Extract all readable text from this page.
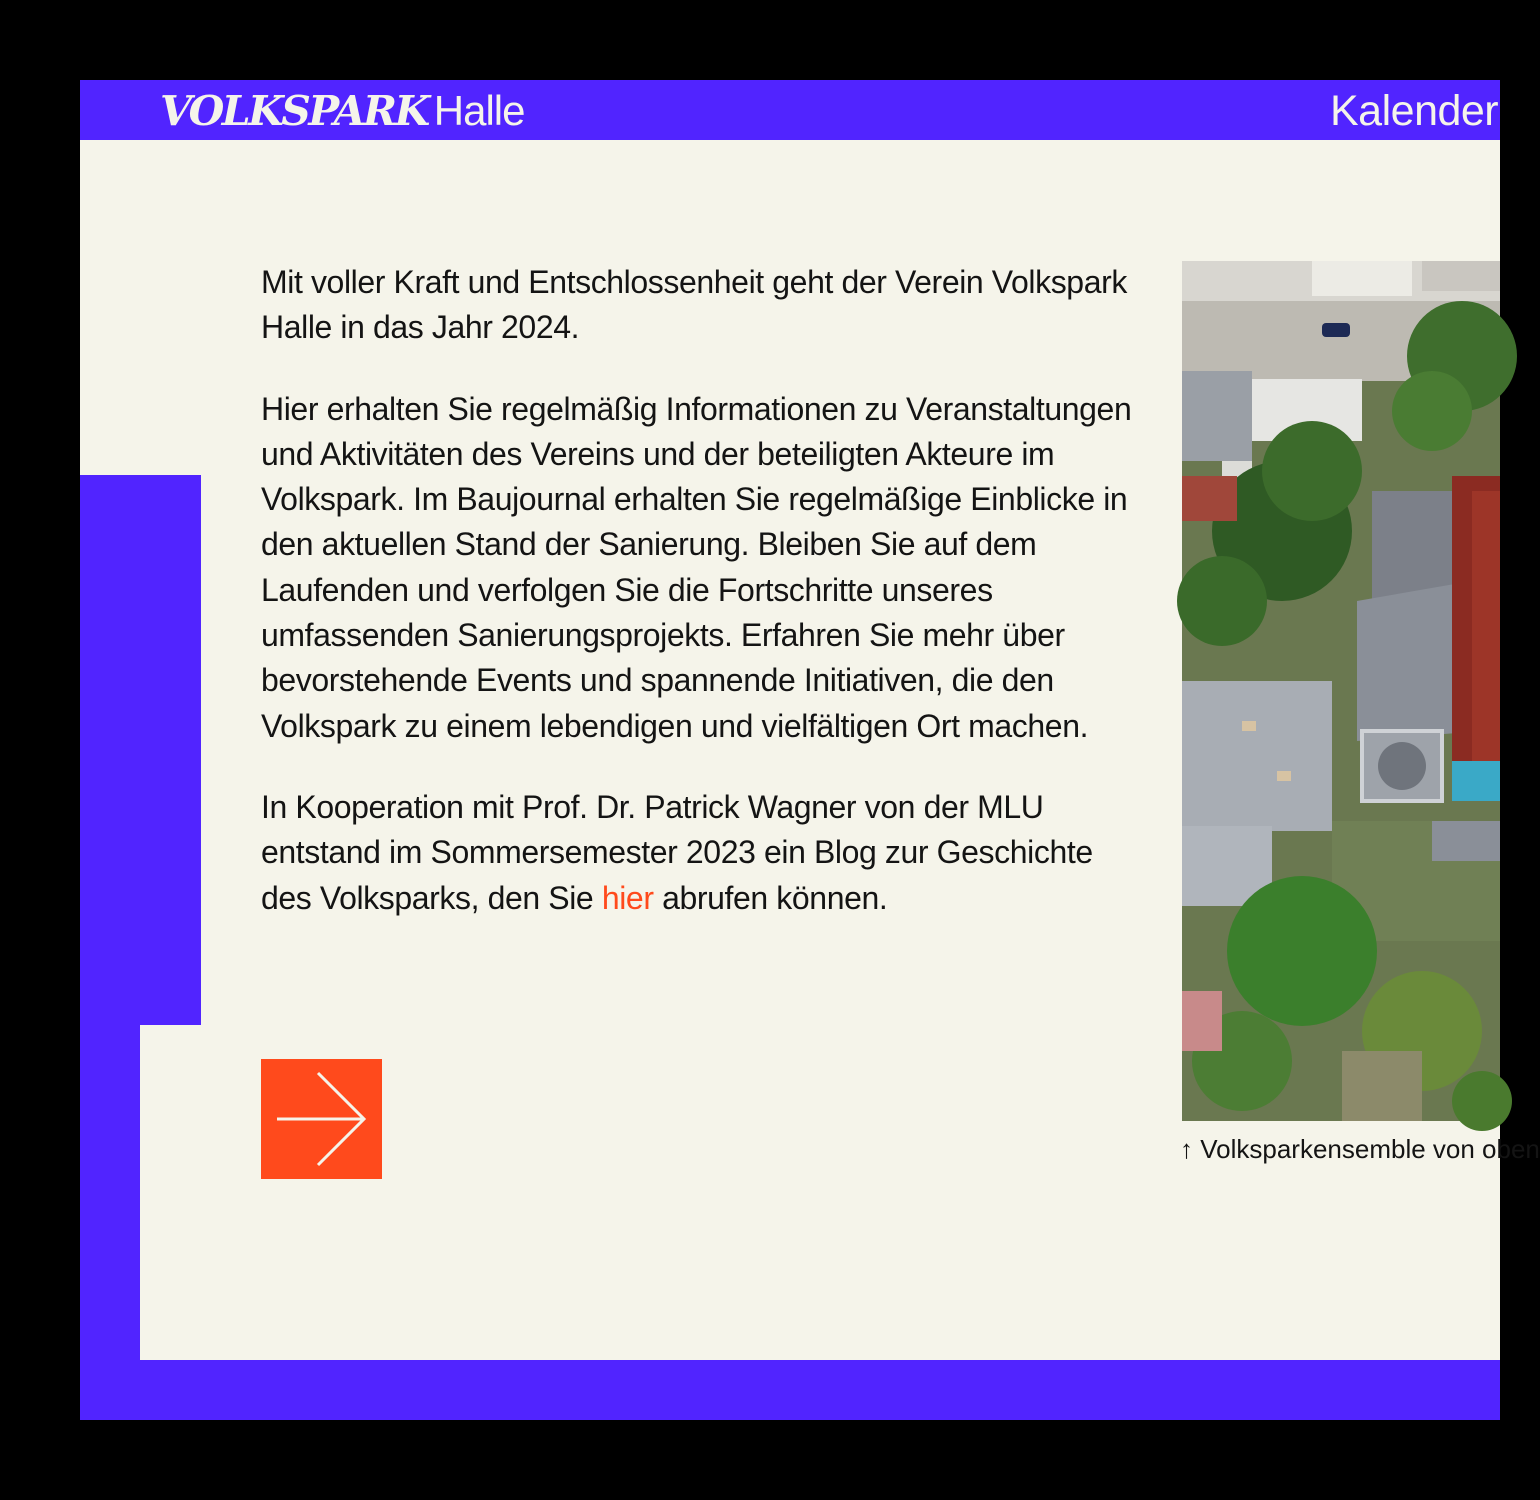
VOLKSPARK Halle	Kalender

Mit voller Kraft und Entschlossenheit geht der Verein Volkspark Halle in das Jahr 2024.

Hier erhalten Sie regelmäßig Informationen zu Veranstaltungen und Aktivitäten des Vereins und der beteiligten Akteure im Volkspark. Im Baujournal erhalten Sie regelmäßige Einblicke in den aktuellen Stand der Sanierung. Bleiben Sie auf dem Laufenden und verfolgen Sie die Fortschritte unseres umfassenden Sanierungsprojekts. Erfahren Sie mehr über bevorstehende Events und spannende Initiativen, die den Volkspark zu einem lebendigen und vielfältigen Ort machen.

In Kooperation mit Prof. Dr. Patrick Wagner von der MLU entstand im Sommersemester 2023 ein Blog zur Geschichte des Volksparks, den Sie hier abrufen können.

↑ Volksparkensemble von oben
